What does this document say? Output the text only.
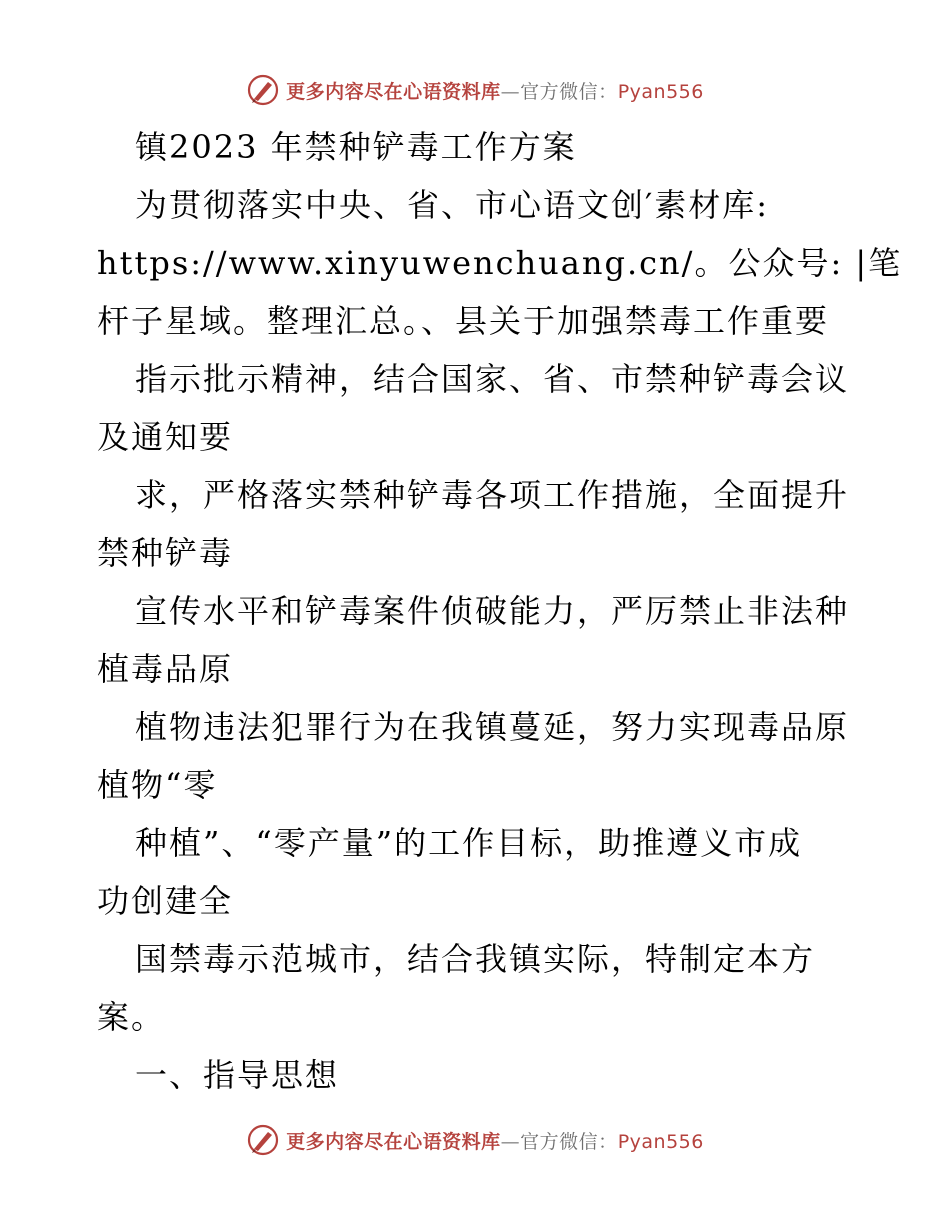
更多内容尽在心语资料库—官方微信：Pyan556
镇2023 年禁种铲毒工作方案
为贯彻落实中央、省、市心语文创′素材库:
https://www.xinyuwenchuang.cn/。公众号: |笔
杆子星域。整理汇总。、县关于加强禁毒工作重要
指示批示精神，结合国家、省、市禁种铲毒会议
及通知要
求，严格落实禁种铲毒各项工作措施，全面提升
禁种铲毒
宣传水平和铲毒案件侦破能力，严厉禁止非法种
植毒品原
植物违法犯罪行为在我镇蔓延，努力实现毒品原
植物“零
种植”、“零产量”的工作目标，助推遵义市成
功创建全
国禁毒示范城市，结合我镇实际，特制定本方
案。
一、指导思想
更多内容尽在心语资料库—官方微信：Pyan556
